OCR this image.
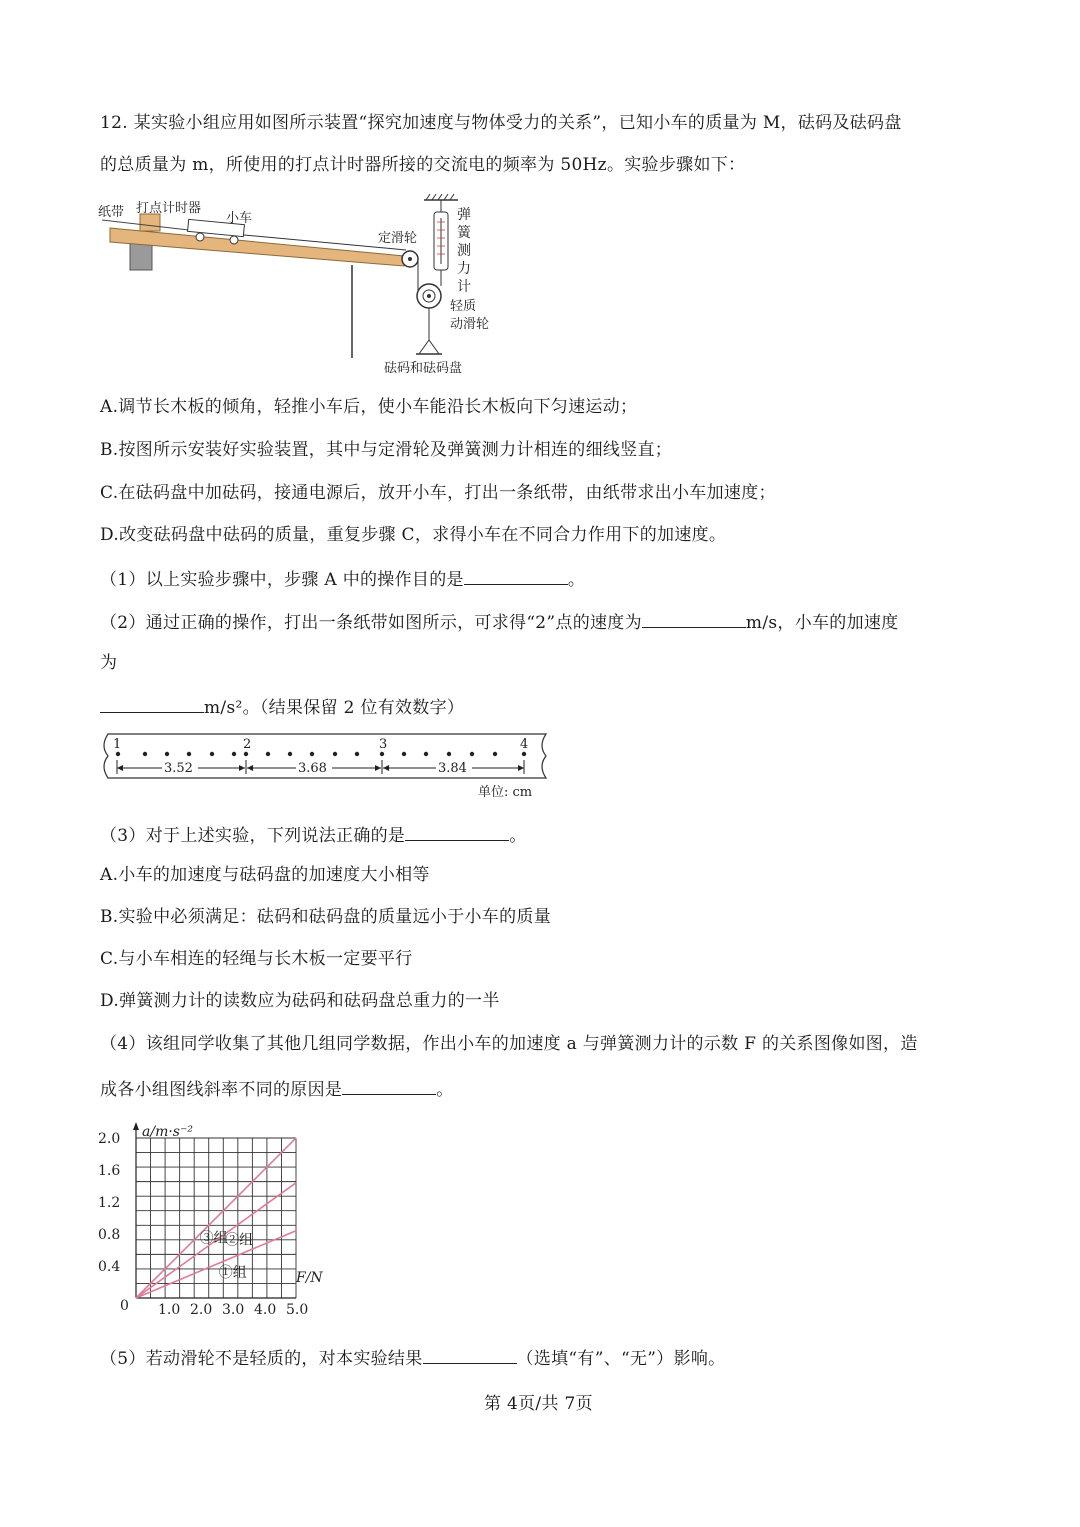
12. 某实验小组应用如图所示装置“探究加速度与物体受力的关系”，已知小车的质量为 M，砝码及砝码盘
的总质量为 m，所使用的打点计时器所接的交流电的频率为 50Hz。实验步骤如下：
纸带 打点计时器
小车
定滑轮
砝码和砝码盘
轻质
动滑轮
弹簧测力计
A.调节长木板的倾角，轻推小车后，使小车能沿长木板向下匀速运动；
B.按图所示安装好实验装置，其中与定滑轮及弹簧测力计相连的细线竖直；
C.在砝码盘中加砝码，接通电源后，放开小车，打出一条纸带，由纸带求出小车加速度；
D.改变砝码盘中砝码的质量，重复步骤 C，求得小车在不同合力作用下的加速度。
（1）以上实验步骤中，步骤 A 中的操作目的是	。
（2）通过正确的操作，打出一条纸带如图所示，可求得“2”点的速度为	m/s，小车的加速度
为
m/s²。（结果保留 2 位有效数字）
1	2	3	4
3.52	3.68	3.84
单位: cm
（3）对于上述实验，下列说法正确的是	。
A.小车的加速度与砝码盘的加速度大小相等
B.实验中必须满足：砝码和砝码盘的质量远小于小车的质量
C.与小车相连的轻绳与长木板一定要平行
D.弹簧测力计的读数应为砝码和砝码盘总重力的一半
（4）该组同学收集了其他几组同学数据，作出小车的加速度 a 与弹簧测力计的示数 F 的关系图像如图，造
成各小组图线斜率不同的原因是	。
1.0 2.0 3.0 4.0 5.0
0.4
0.8
1.2
1.6
2.0 a/m·s⁻²
F/N
0
①组
②组
③组
（5）若动滑轮不是轻质的，对本实验结果	（选填“有”、“无”）影响。
第 4页/共 7页
